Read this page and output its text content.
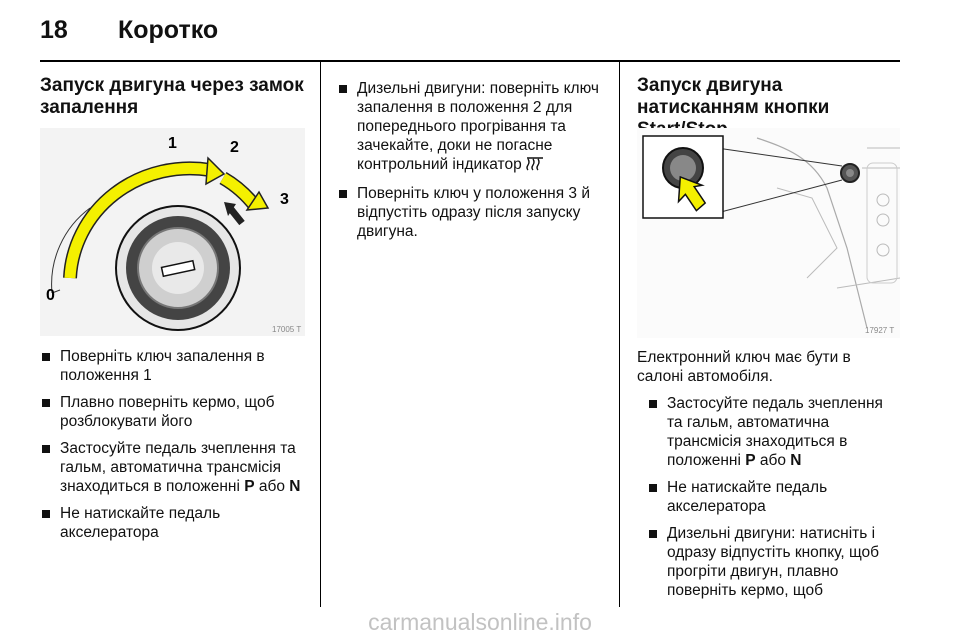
18 Коротко
Запуск двигуна через замок запалення
1	2
3
0
17005 T
Поверніть ключ запалення в положення 1
Плавно поверніть кермо, щоб розблокувати його
Застосуйте педаль зчеплення та гальм, автоматична трансмісія знаходиться в положенні P або N
Не натискайте педаль акселератора
Дизельні двигуни: поверніть ключ запалення в положення 2 для попереднього прогрівання та зачекайте, доки не погасне контрольний індикатор
Поверніть ключ у положення 3 й відпустіть одразу після запуску двигуна.
Запуск двигуна натисканням кнопки
17927 T

Електронний ключ має бути в салоні автомобіля.

Застосуйте педаль зчеплення та гальм, автоматична трансмісія знаходиться в положенні P або N
Не натискайте педаль акселератора
Дизельні двигуни: натисніть і одразу відпустіть кнопку, щоб прогріти двигун, плавно поверніть кермо, щоб
carmanualsonline.info
